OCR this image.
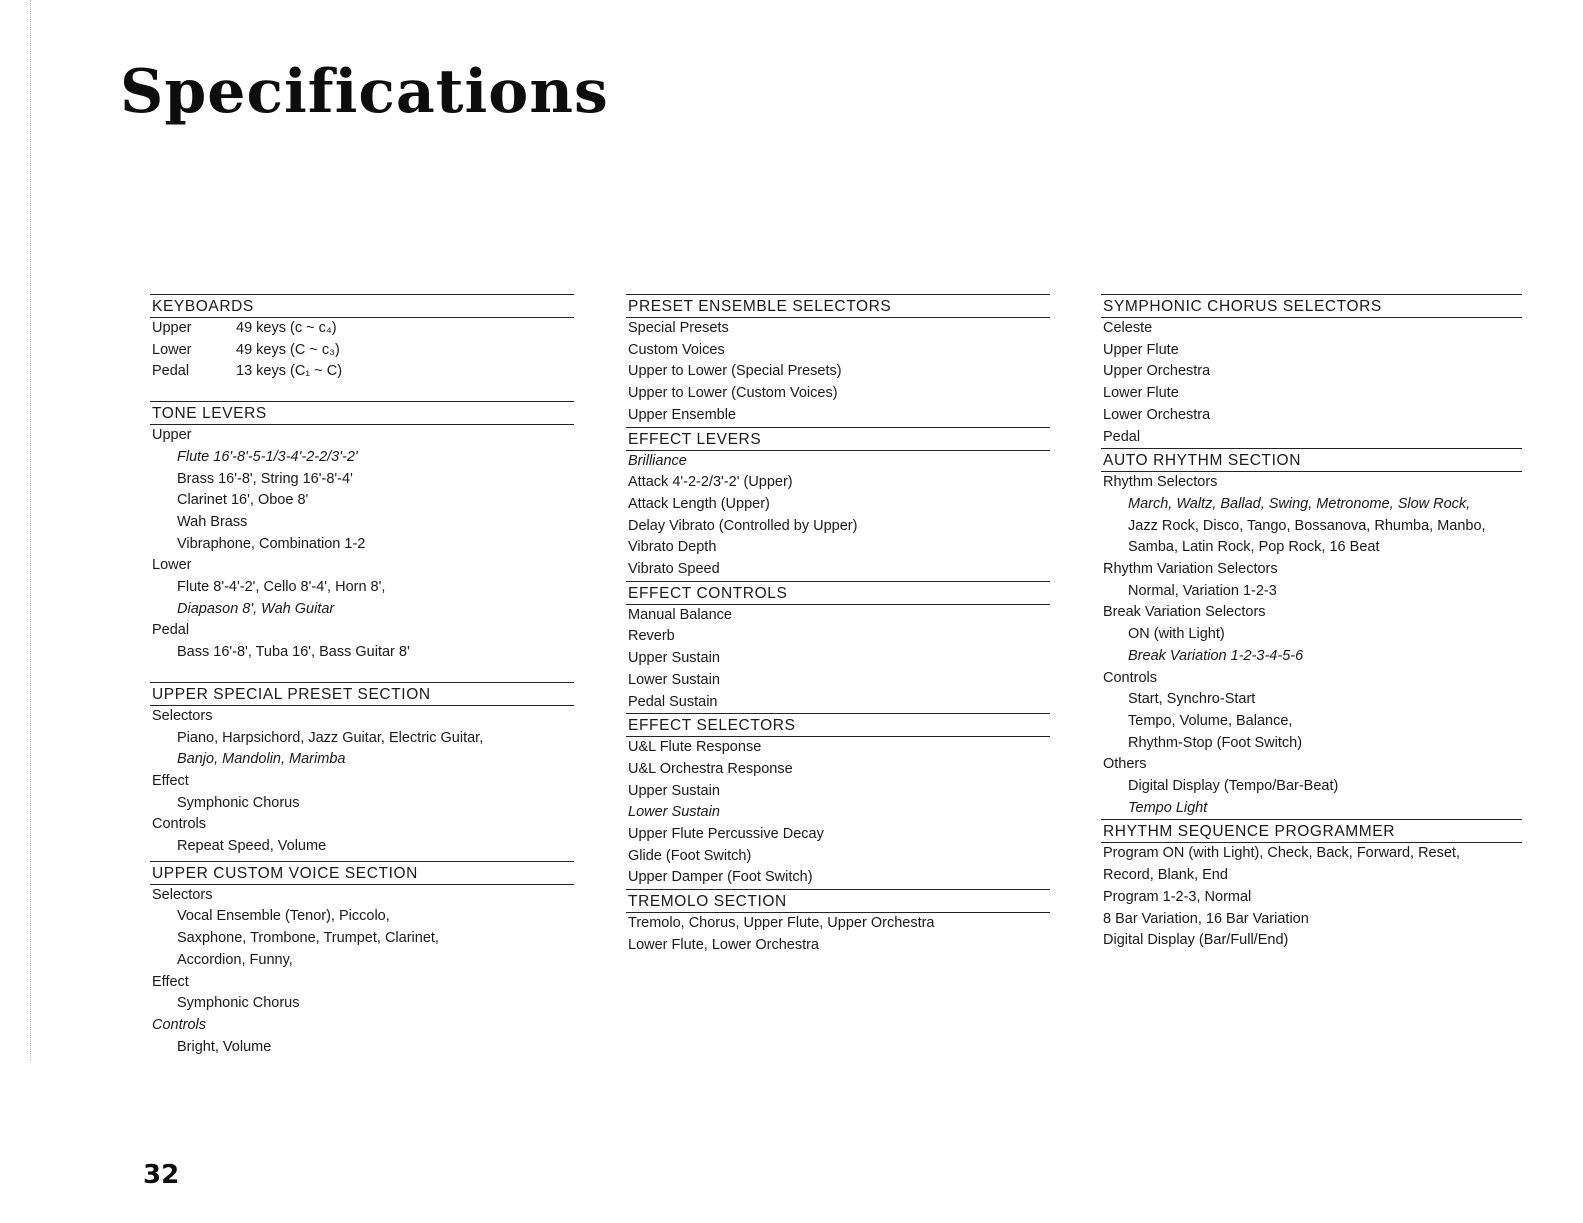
Specifications
KEYBOARDS
Upper	49 keys (c ~ c₄)
Lower	49 keys (C ~ c₃)
Pedal	13 keys (C₁ ~ C)
TONE LEVERS

Upper

Flute 16'-8'-5-1/3-4'-2-2/3'-2'

Brass 16'-8', String 16'-8'-4'

Clarinet 16', Oboe 8'

Wah Brass

Vibraphone, Combination 1-2

Lower

Flute 8'-4'-2', Cello 8'-4', Horn 8',

Diapason 8', Wah Guitar

Pedal

Bass 16'-8', Tuba 16', Bass Guitar 8'

UPPER SPECIAL PRESET SECTION

Selectors

Piano, Harpsichord, Jazz Guitar, Electric Guitar,

Banjo, Mandolin, Marimba

Effect

Symphonic Chorus

Controls

Repeat Speed, Volume

UPPER CUSTOM VOICE SECTION

Selectors

Vocal Ensemble (Tenor), Piccolo,

Saxphone, Trombone, Trumpet, Clarinet,

Accordion, Funny,

Effect

Symphonic Chorus

Controls

Bright, Volume

PRESET ENSEMBLE SELECTORS

Special Presets

Custom Voices

Upper to Lower (Special Presets)

Upper to Lower (Custom Voices)

Upper Ensemble

EFFECT LEVERS

Brilliance

Attack 4'-2-2/3'-2' (Upper)

Attack Length (Upper)

Delay Vibrato (Controlled by Upper)

Vibrato Depth

Vibrato Speed

EFFECT CONTROLS

Manual Balance

Reverb

Upper Sustain

Lower Sustain

Pedal Sustain

EFFECT SELECTORS

U&L Flute Response

U&L Orchestra Response

Upper Sustain

Lower Sustain

Upper Flute Percussive Decay

Glide (Foot Switch)

Upper Damper (Foot Switch)

TREMOLO SECTION

Tremolo, Chorus, Upper Flute, Upper Orchestra

Lower Flute, Lower Orchestra

SYMPHONIC CHORUS SELECTORS

Celeste

Upper Flute

Upper Orchestra

Lower Flute

Lower Orchestra

Pedal

AUTO RHYTHM SECTION

Rhythm Selectors

March, Waltz, Ballad, Swing, Metronome, Slow Rock,

Jazz Rock, Disco, Tango, Bossanova, Rhumba, Manbo,

Samba, Latin Rock, Pop Rock, 16 Beat

Rhythm Variation Selectors

Normal, Variation 1-2-3

Break Variation Selectors

ON (with Light)

Break Variation 1-2-3-4-5-6

Controls

Start, Synchro-Start

Tempo, Volume, Balance,

Rhythm-Stop (Foot Switch)

Others

Digital Display (Tempo/Bar-Beat)

Tempo Light

RHYTHM SEQUENCE PROGRAMMER

Program ON (with Light), Check, Back, Forward, Reset,

Record, Blank, End

Program 1-2-3, Normal

8 Bar Variation, 16 Bar Variation

Digital Display (Bar/Full/End)

32
